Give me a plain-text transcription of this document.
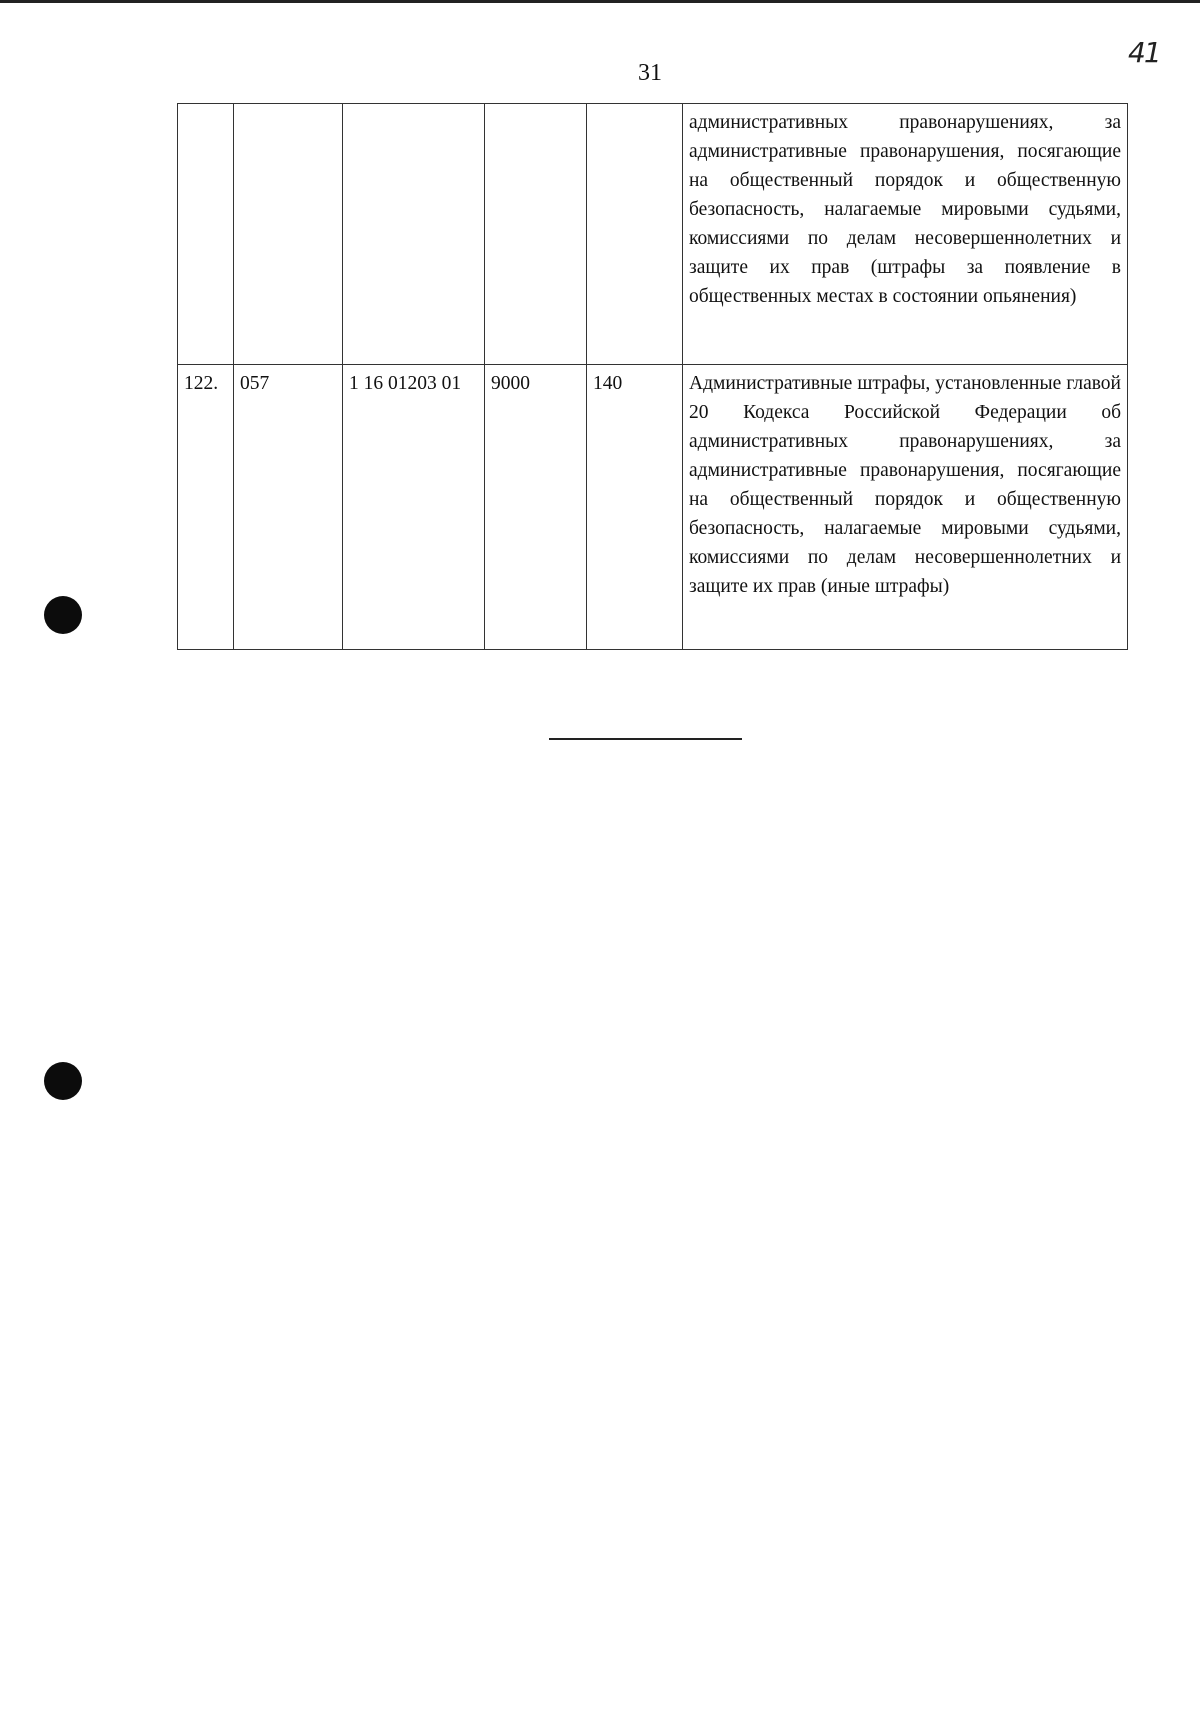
31
41
					административных правонарушениях, за административные правонарушения, посягающие на общественный порядок и общественную безопасность, налагаемые мировыми судьями, комиссиями по делам несовершеннолетних и защите их прав (штрафы за появление в общественных местах в состоянии опьянения)
122.	057	1 16 01203 01	9000	140	Административные штрафы, установленные главой 20 Кодекса Российской Федерации об административных правонарушениях, за административные правонарушения, посягающие на общественный порядок и общественную безопасность, налагаемые мировыми судьями, комиссиями по делам несовершеннолетних и защите их прав (иные штрафы)
